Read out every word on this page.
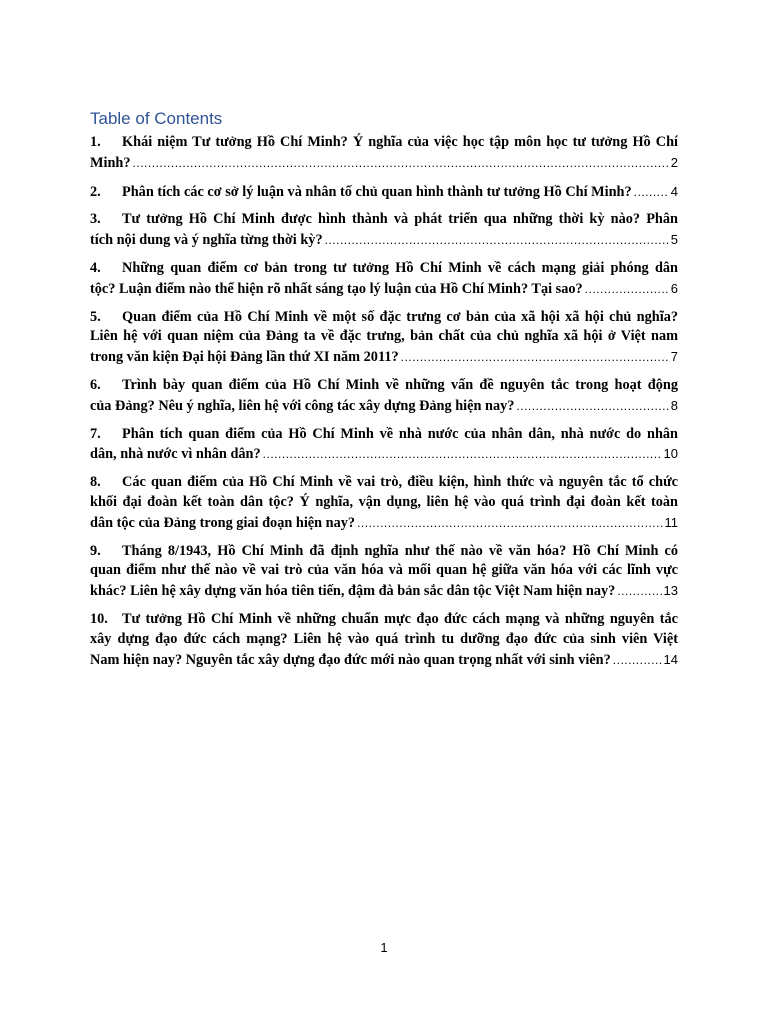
Table of Contents
1. Khái niệm Tư tưởng Hồ Chí Minh? Ý nghĩa của việc học tập môn học tư tưởng Hồ Chí
Minh? .....	2
2. Phân tích các cơ sở lý luận và nhân tố chủ quan hình thành tư tưởng Hồ Chí Minh? .....	4
3. Tư tưởng Hồ Chí Minh được hình thành và phát triển qua những thời kỳ nào? Phân
tích nội dung và ý nghĩa từng thời kỳ? .....	5
4. Những quan điểm cơ bản trong tư tưởng Hồ Chí Minh về cách mạng giải phóng dân
tộc? Luận điểm nào thể hiện rõ nhất sáng tạo lý luận của Hồ Chí Minh? Tại sao? .....	6
5. Quan điểm của Hồ Chí Minh về một số đặc trưng cơ bản của xã hội xã hội chủ nghĩa?
Liên hệ với quan niệm của Đảng ta về đặc trưng, bản chất của chủ nghĩa xã hội ở Việt nam
trong văn kiện Đại hội Đảng lần thứ XI năm 2011? .....	7
6. Trình bày quan điểm của Hồ Chí Minh về những vấn đề nguyên tắc trong hoạt động
của Đảng? Nêu ý nghĩa, liên hệ với công tác xây dựng Đảng hiện nay? .....	8
7. Phân tích quan điểm của Hồ Chí Minh về nhà nước của nhân dân, nhà nước do nhân
dân, nhà nước vì nhân dân? .....	10
8. Các quan điểm của Hồ Chí Minh về vai trò, điều kiện, hình thức và nguyên tắc tổ chức
khối đại đoàn kết toàn dân tộc? Ý nghĩa, vận dụng, liên hệ vào quá trình đại đoàn kết toàn
dân tộc của Đảng trong giai đoạn hiện nay? .....	11
9. Tháng 8/1943, Hồ Chí Minh đã định nghĩa như thế nào về văn hóa? Hồ Chí Minh có
quan điểm như thế nào về vai trò của văn hóa và mối quan hệ giữa văn hóa với các lĩnh vực
khác? Liên hệ xây dựng văn hóa tiên tiến, đậm đà bản sắc dân tộc Việt Nam hiện nay? .....	13
10. Tư tưởng Hồ Chí Minh về những chuẩn mực đạo đức cách mạng và những nguyên tắc
xây dựng đạo đức cách mạng? Liên hệ vào quá trình tu dưỡng đạo đức của sinh viên Việt
Nam hiện nay? Nguyên tắc xây dựng đạo đức mới nào quan trọng nhất với sinh viên? .....	14
1
